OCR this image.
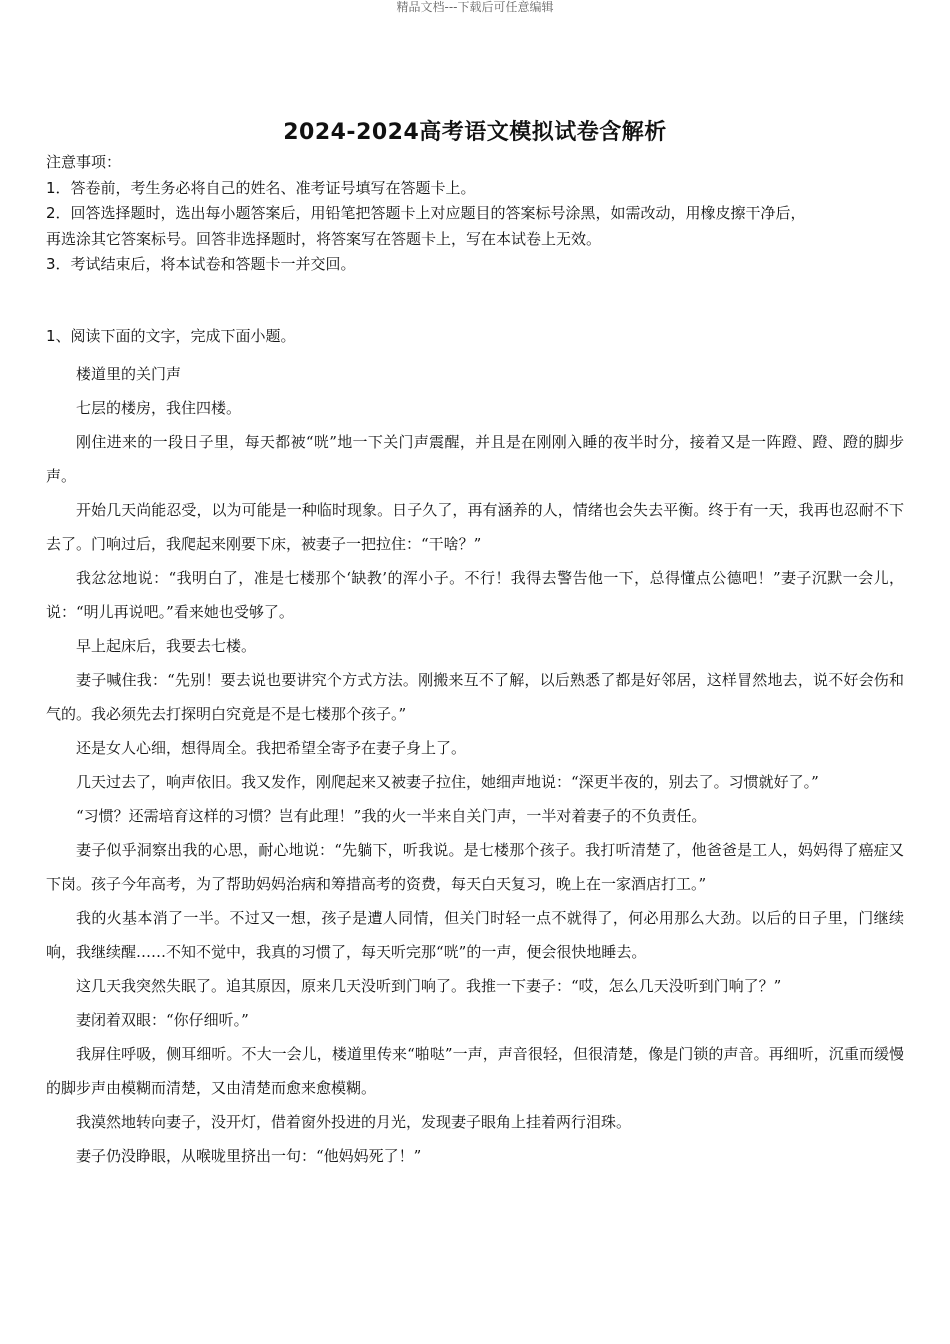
精品文档---下载后可任意编辑
2024-2024高考语文模拟试卷含解析
注意事项：
1．答卷前，考生务必将自己的姓名、准考证号填写在答题卡上。
2．回答选择题时，选出每小题答案后，用铅笔把答题卡上对应题目的答案标号涂黑，如需改动，用橡皮擦干净后，
再选涂其它答案标号。回答非选择题时，将答案写在答题卡上，写在本试卷上无效。
3．考试结束后，将本试卷和答题卡一并交回。
1、阅读下面的文字，完成下面小题。

楼道里的关门声

七层的楼房，我住四楼。

刚住进来的一段日子里，每天都被“咣”地一下关门声震醒，并且是在刚刚入睡的夜半时分，接着又是一阵蹬、蹬、蹬的脚步声。

开始几天尚能忍受，以为可能是一种临时现象。日子久了，再有涵养的人，情绪也会失去平衡。终于有一天，我再也忍耐不下去了。门响过后，我爬起来刚要下床，被妻子一把拉住：“干啥？”

我忿忿地说：“我明白了，准是七楼那个‘缺教’的浑小子。不行！我得去警告他一下，总得懂点公德吧！”妻子沉默一会儿，说：“明儿再说吧。”看来她也受够了。

早上起床后，我要去七楼。

妻子喊住我：“先别！要去说也要讲究个方式方法。刚搬来互不了解，以后熟悉了都是好邻居，这样冒然地去，说不好会伤和气的。我必须先去打探明白究竟是不是七楼那个孩子。”

还是女人心细，想得周全。我把希望全寄予在妻子身上了。

几天过去了，响声依旧。我又发作，刚爬起来又被妻子拉住，她细声地说：“深更半夜的，别去了。习惯就好了。”

“习惯？还需培育这样的习惯？岂有此理！”我的火一半来自关门声，一半对着妻子的不负责任。

妻子似乎洞察出我的心思，耐心地说：“先躺下，听我说。是七楼那个孩子。我打听清楚了，他爸爸是工人，妈妈得了癌症又下岗。孩子今年高考，为了帮助妈妈治病和筹措高考的资费，每天白天复习，晚上在一家酒店打工。”

我的火基本消了一半。不过又一想，孩子是遭人同情，但关门时轻一点不就得了，何必用那么大劲。以后的日子里，门继续响，我继续醒……不知不觉中，我真的习惯了，每天听完那“咣”的一声，便会很快地睡去。

这几天我突然失眠了。追其原因，原来几天没听到门响了。我推一下妻子：“哎，怎么几天没听到门响了？”

妻闭着双眼：“你仔细听。”

我屏住呼吸，侧耳细听。不大一会儿，楼道里传来“啪哒”一声，声音很轻，但很清楚，像是门锁的声音。再细听，沉重而缓慢的脚步声由模糊而清楚，又由清楚而愈来愈模糊。

我漠然地转向妻子，没开灯，借着窗外投进的月光，发现妻子眼角上挂着两行泪珠。

妻子仍没睁眼，从喉咙里挤出一句：“他妈妈死了！”
